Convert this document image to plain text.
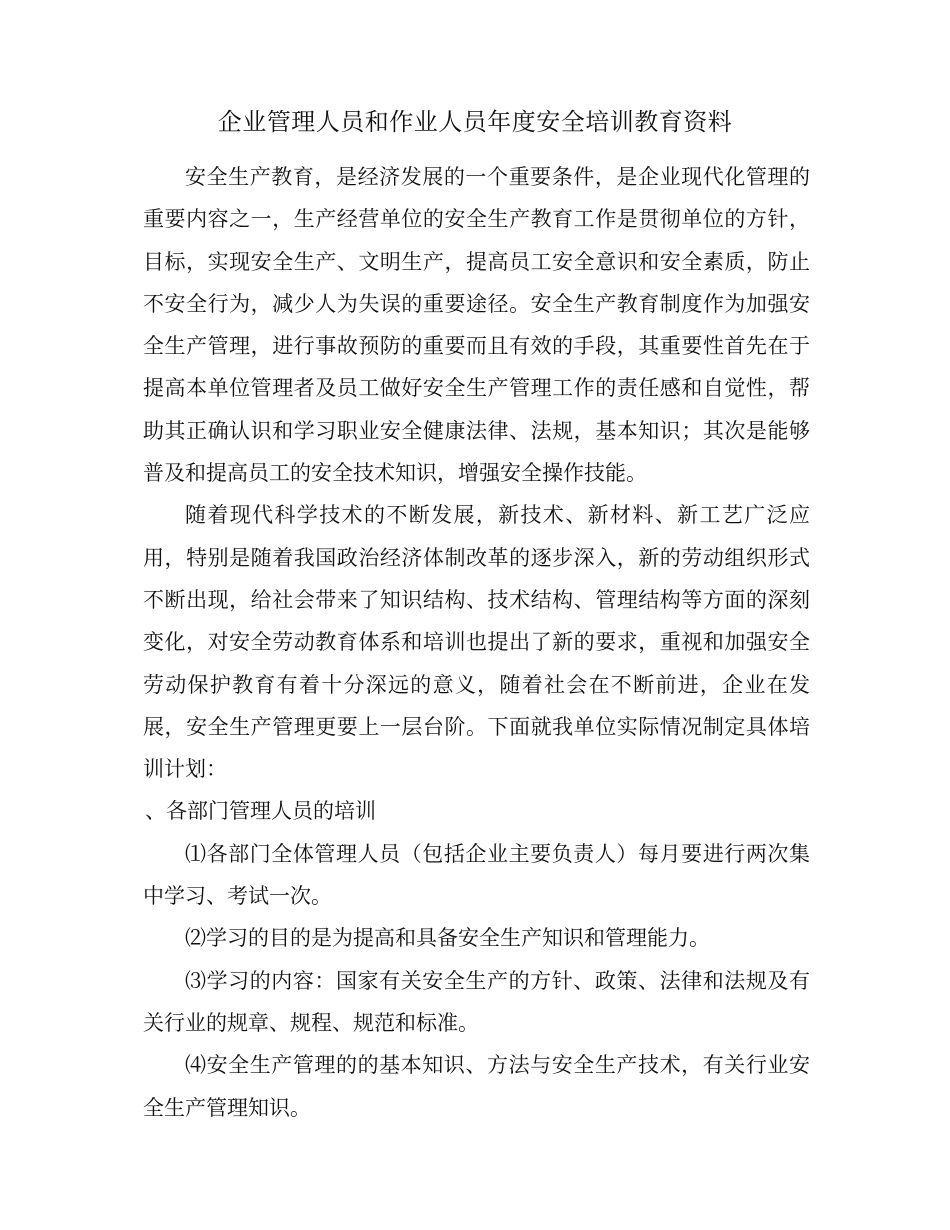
企业管理人员和作业人员年度安全培训教育资料

安全生产教育，是经济发展的一个重要条件，是企业现代化管理的重要内容之一，生产经营单位的安全生产教育工作是贯彻单位的方针，目标，实现安全生产、文明生产，提高员工安全意识和安全素质，防止不安全行为，减少人为失误的重要途径。安全生产教育制度作为加强安全生产管理，进行事故预防的重要而且有效的手段，其重要性首先在于提高本单位管理者及员工做好安全生产管理工作的责任感和自觉性，帮助其正确认识和学习职业安全健康法律、法规，基本知识；其次是能够普及和提高员工的安全技术知识，增强安全操作技能。

随着现代科学技术的不断发展，新技术、新材料、新工艺广泛应用，特别是随着我国政治经济体制改革的逐步深入，新的劳动组织形式不断出现，给社会带来了知识结构、技术结构、管理结构等方面的深刻变化，对安全劳动教育体系和培训也提出了新的要求，重视和加强安全劳动保护教育有着十分深远的意义，随着社会在不断前进，企业在发展，安全生产管理更要上一层台阶。下面就我单位实际情况制定具体培训计划：

、各部门管理人员的培训

⑴各部门全体管理人员（包括企业主要负责人）每月要进行两次集中学习、考试一次。

⑵学习的目的是为提高和具备安全生产知识和管理能力。

⑶学习的内容：国家有关安全生产的方针、政策、法律和法规及有关行业的规章、规程、规范和标准。

⑷安全生产管理的的基本知识、方法与安全生产技术，有关行业安全生产管理知识。
